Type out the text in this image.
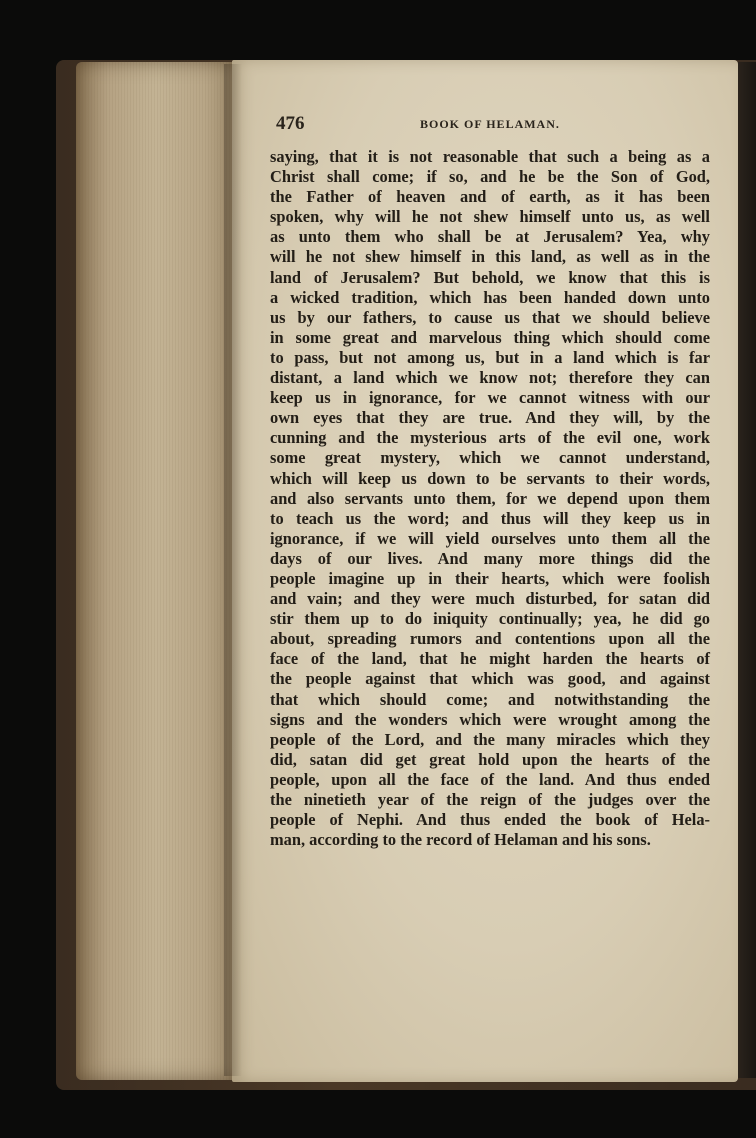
476	BOOK OF HELAMAN.
saying, that it is not reasonable that such a being as a
Christ shall come; if so, and he be the Son of God,
the Father of heaven and of earth, as it has been
spoken, why will he not shew himself unto us, as well
as unto them who shall be at Jerusalem? Yea, why
will he not shew himself in this land, as well as in the
land of Jerusalem? But behold, we know that this is
a wicked tradition, which has been handed down unto
us by our fathers, to cause us that we should believe
in some great and marvelous thing which should come
to pass, but not among us, but in a land which is far
distant, a land which we know not; therefore they can
keep us in ignorance, for we cannot witness with our
own eyes that they are true. And they will, by the
cunning and the mysterious arts of the evil one, work
some great mystery, which we cannot understand,
which will keep us down to be servants to their words,
and also servants unto them, for we depend upon them
to teach us the word; and thus will they keep us in
ignorance, if we will yield ourselves unto them all the
days of our lives. And many more things did the
people imagine up in their hearts, which were foolish
and vain; and they were much disturbed, for satan did
stir them up to do iniquity continually; yea, he did go
about, spreading rumors and contentions upon all the
face of the land, that he might harden the hearts of
the people against that which was good, and against
that which should come; and notwithstanding the
signs and the wonders which were wrought among the
people of the Lord, and the many miracles which they
did, satan did get great hold upon the hearts of the
people, upon all the face of the land. And thus ended
the ninetieth year of the reign of the judges over the
people of Nephi. And thus ended the book of Hela-
man, according to the record of Helaman and his sons.
